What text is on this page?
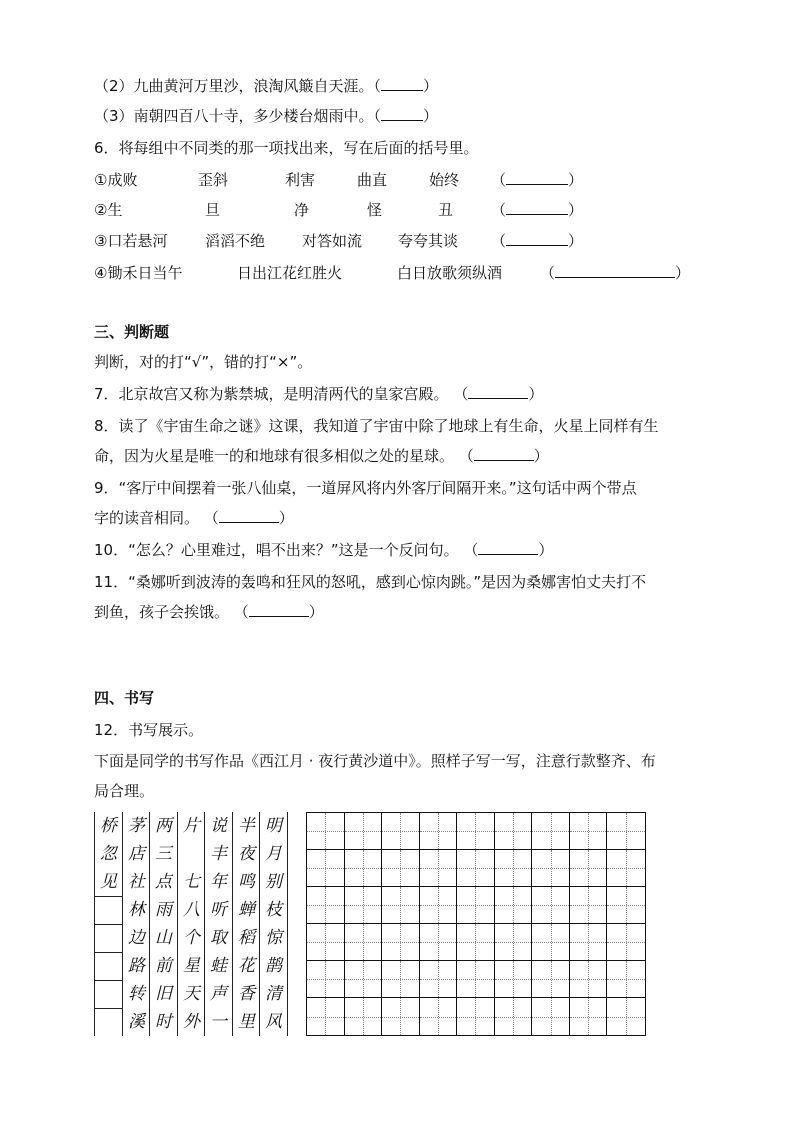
（2）九曲黄河万里沙，浪淘风簸自天涯。（	）
（3）南朝四百八十寺，多少楼台烟雨中。（	）
6．将每组中不同类的那一项找出来，写在后面的括号里。
①成败	歪斜	利害	曲直	始终 （	）
②生	旦	净	怪	丑	（	）
③口若悬河	滔滔不绝 对答如流 夸夸其谈 （	）
④锄禾日当午	日出江花红胜火	白日放歌须纵酒	（	）
三、判断题
判断，对的打“√”，错的打“×”。
7．北京故宫又称为紫禁城，是明清两代的皇家宫殿。 （	）
8．读了《宇宙生命之谜》这课，我知道了宇宙中除了地球上有生命，火星上同样有生
命，因为火星是唯一的和地球有很多相似之处的星球。 （	）
9．“客厅中间摆着一张八仙桌，一道屏风将内外客厅间隔开来。”这句话中两个带点
字的读音相同。 （	）
10．“怎么？心里难过，唱不出来？”这是一个反问句。 （	）
11．“桑娜听到波涛的轰鸣和狂风的怒吼，感到心惊肉跳。”是因为桑娜害怕丈夫打不
到鱼，孩子会挨饿。 （	）
四、书写
12．书写展示。
下面是同学的书写作品《西江月 · 夜行黄沙道中》。照样子写一写，注意行款整齐、布
局合理。
桥
忽
见
茅
店
社
林
边
路
转
溪
两
三
点
雨
山
前
旧
时
片
七
八
个
星
天
外
说
丰
年
听
取
蛙
声
一
半
夜
鸣
蝉
稻
花
香
里
明
月
别
枝
惊
鹊
清
风
